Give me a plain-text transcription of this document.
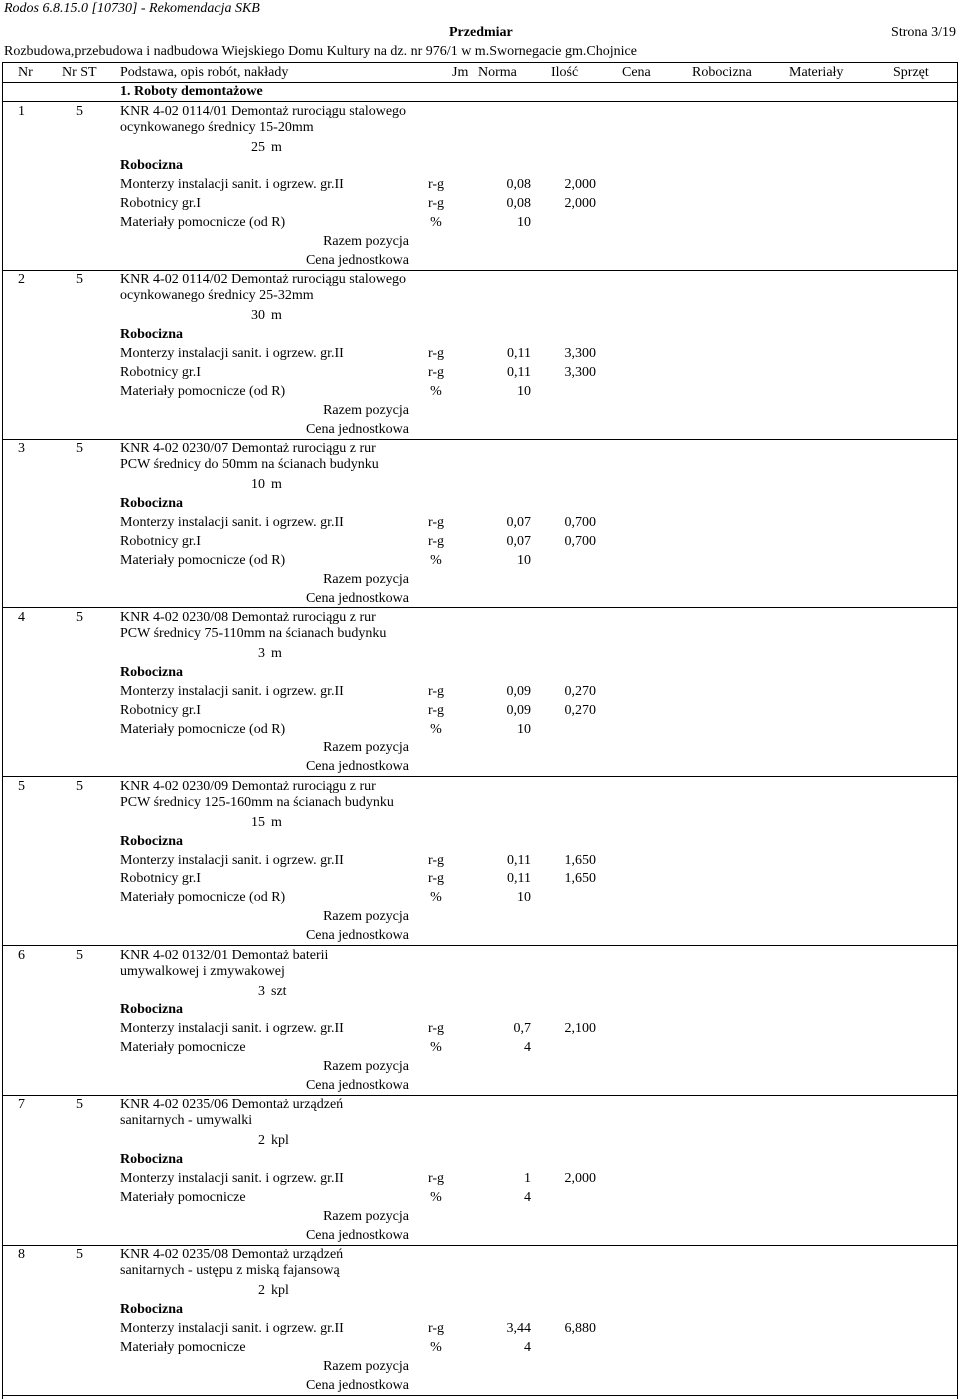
Rodos 6.8.15.0 [10730] - Rekomendacja SKB
Przedmiar	Strona 3/19
Rozbudowa,przebudowa i nadbudowa Wiejskiego Domu Kultury na dz. nr 976/1 w m.Swornegacie gm.Chojnice
Nr Nr ST Podstawa, opis robót, nakłady	Jm Norma Ilość	Cena	Robocizna	Materiały	Sprzęt
1. Roboty demontażowe
1	5	KNR 4-02 0114/01 Demontaż rurociągu stalowego
ocynkowanego średnicy 15-20mm
25 m
Robocizna
Monterzy instalacji sanit. i ogrzew. gr.II	r-g	0,08 2,000
Robotnicy gr.I	r-g	0,08 2,000
Materiały pomocnicze (od R)	%	10
Razem pozycja
Cena jednostkowa
2	5	KNR 4-02 0114/02 Demontaż rurociągu stalowego
ocynkowanego średnicy 25-32mm
30 m
Robocizna
Monterzy instalacji sanit. i ogrzew. gr.II	r-g	0,11 3,300
Robotnicy gr.I	r-g	0,11 3,300
Materiały pomocnicze (od R)	%	10
Razem pozycja
Cena jednostkowa
3	5	KNR 4-02 0230/07 Demontaż rurociągu z rur
PCW średnicy do 50mm na ścianach budynku
10 m
Robocizna
Monterzy instalacji sanit. i ogrzew. gr.II	r-g	0,07 0,700
Robotnicy gr.I	r-g	0,07 0,700
Materiały pomocnicze (od R)	%	10
Razem pozycja
Cena jednostkowa
4	5	KNR 4-02 0230/08 Demontaż rurociągu z rur
PCW średnicy 75-110mm na ścianach budynku
3 m
Robocizna
Monterzy instalacji sanit. i ogrzew. gr.II	r-g	0,09 0,270
Robotnicy gr.I	r-g	0,09 0,270
Materiały pomocnicze (od R)	%	10
Razem pozycja
Cena jednostkowa
5	5	KNR 4-02 0230/09 Demontaż rurociągu z rur
PCW średnicy 125-160mm na ścianach budynku
15 m
Robocizna
Monterzy instalacji sanit. i ogrzew. gr.II	r-g	0,11 1,650
Robotnicy gr.I	r-g	0,11 1,650
Materiały pomocnicze (od R)	%	10
Razem pozycja
Cena jednostkowa
6	5	KNR 4-02 0132/01 Demontaż baterii
umywalkowej i zmywakowej
3 szt
Robocizna
Monterzy instalacji sanit. i ogrzew. gr.II	r-g	0,7 2,100
Materiały pomocnicze	%	4
Razem pozycja
Cena jednostkowa
7	5	KNR 4-02 0235/06 Demontaż urządzeń
sanitarnych - umywalki
2 kpl
Robocizna
Monterzy instalacji sanit. i ogrzew. gr.II	r-g	1 2,000
Materiały pomocnicze	%	4
Razem pozycja
Cena jednostkowa
8	5	KNR 4-02 0235/08 Demontaż urządzeń
sanitarnych - ustępu z miską fajansową
2 kpl
Robocizna
Monterzy instalacji sanit. i ogrzew. gr.II	r-g	3,44 6,880
Materiały pomocnicze	%	4
Razem pozycja
Cena jednostkowa
